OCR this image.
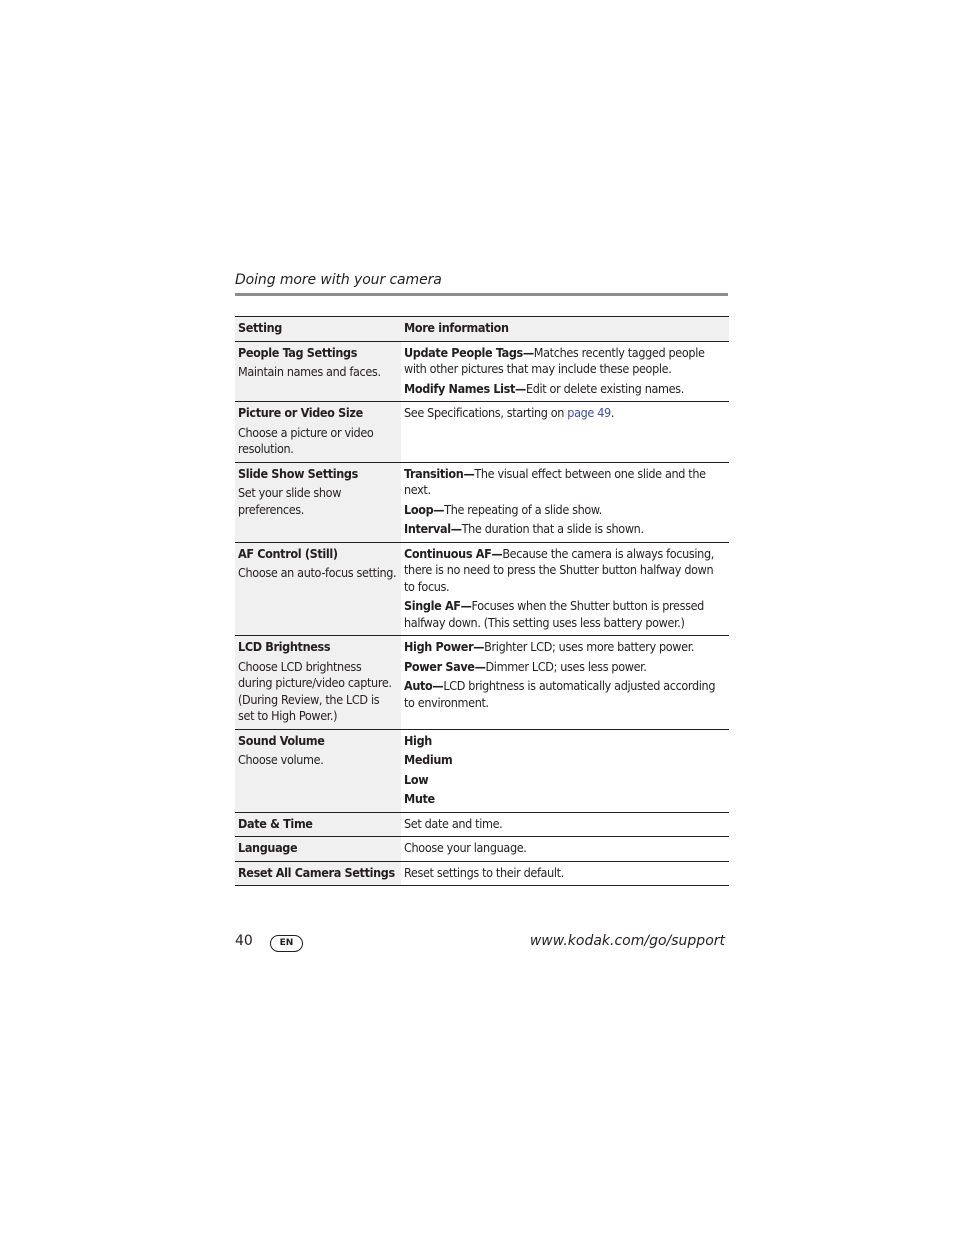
Doing more with your camera
Setting	More information

People Tag Settings
Maintain names and faces.	Update People Tags—Matches recently tagged people with other pictures that may include these people.
Modify Names List—Edit or delete existing names.

Picture or Video Size
Choose a picture or video resolution.	See Specifications, starting on page 49.

Slide Show Settings
Set your slide show preferences.	Transition—The visual effect between one slide and the next.
Loop—The repeating of a slide show.
Interval—The duration that a slide is shown.

AF Control (Still)
Choose an auto-focus setting.	Continuous AF—Because the camera is always focusing, there is no need to press the Shutter button halfway down to focus.
Single AF—Focuses when the Shutter button is pressed halfway down. (This setting uses less battery power.)

LCD Brightness
Choose LCD brightness during picture/video capture. (During Review, the LCD is set to High Power.)	High Power—Brighter LCD; uses more battery power.
Power Save—Dimmer LCD; uses less power.
Auto—LCD brightness is automatically adjusted according to environment.

Sound Volume
Choose volume.	High
Medium
Low
Mute

Date & Time	Set date and time.

Language	Choose your language.

Reset All Camera Settings	Reset settings to their default.
40	EN	www.kodak.com/go/support
